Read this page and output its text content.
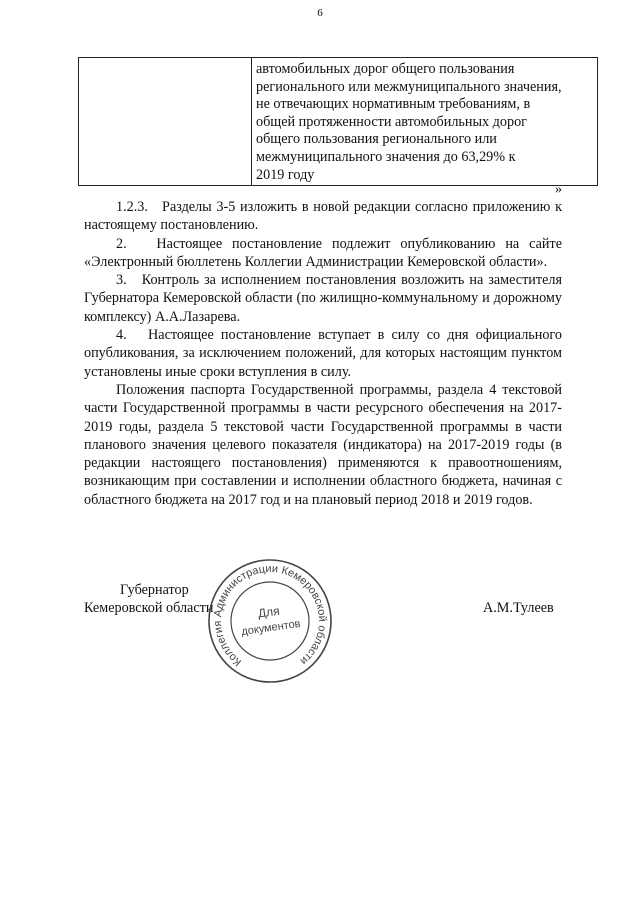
6

автомобильных дорог общего пользования
регионального или межмуниципального значения,
не отвечающих нормативным требованиям, в
общей протяженности автомобильных дорог
общего пользования регионального или
межмуниципального значения до 63,29% к
2019 году
»

1.2.3.   Разделы 3-5 изложить в новой редакции согласно приложению к настоящему постановлению.

2.   Настоящее постановление подлежит опубликованию на сайте «Электронный бюллетень Коллегии Администрации Кемеровской области».

3.   Контроль за исполнением постановления возложить на заместителя Губернатора Кемеровской области (по жилищно-коммунальному и дорожному комплексу) А.А.Лазарева.

4.   Настоящее постановление вступает в силу со дня официального опубликования, за исключением положений, для которых настоящим пунктом установлены иные сроки вступления в силу.

Положения паспорта Государственной программы, раздела 4 текстовой части Государственной программы в части ресурсного обеспечения на 2017-2019 годы, раздела 5 текстовой части Государственной программы в части планового значения целевого показателя (индикатора) на 2017-2019 годы (в редакции настоящего постановления) применяются к правоотношениям, возникающим при составлении и исполнении областного бюджета, начиная с областного бюджета на 2017 год и на плановый период 2018 и 2019 годов.

Губернатор
Кемеровской области	А.М.Тулеев
Коллегия Администрации Кемеровской области
Для
документов
